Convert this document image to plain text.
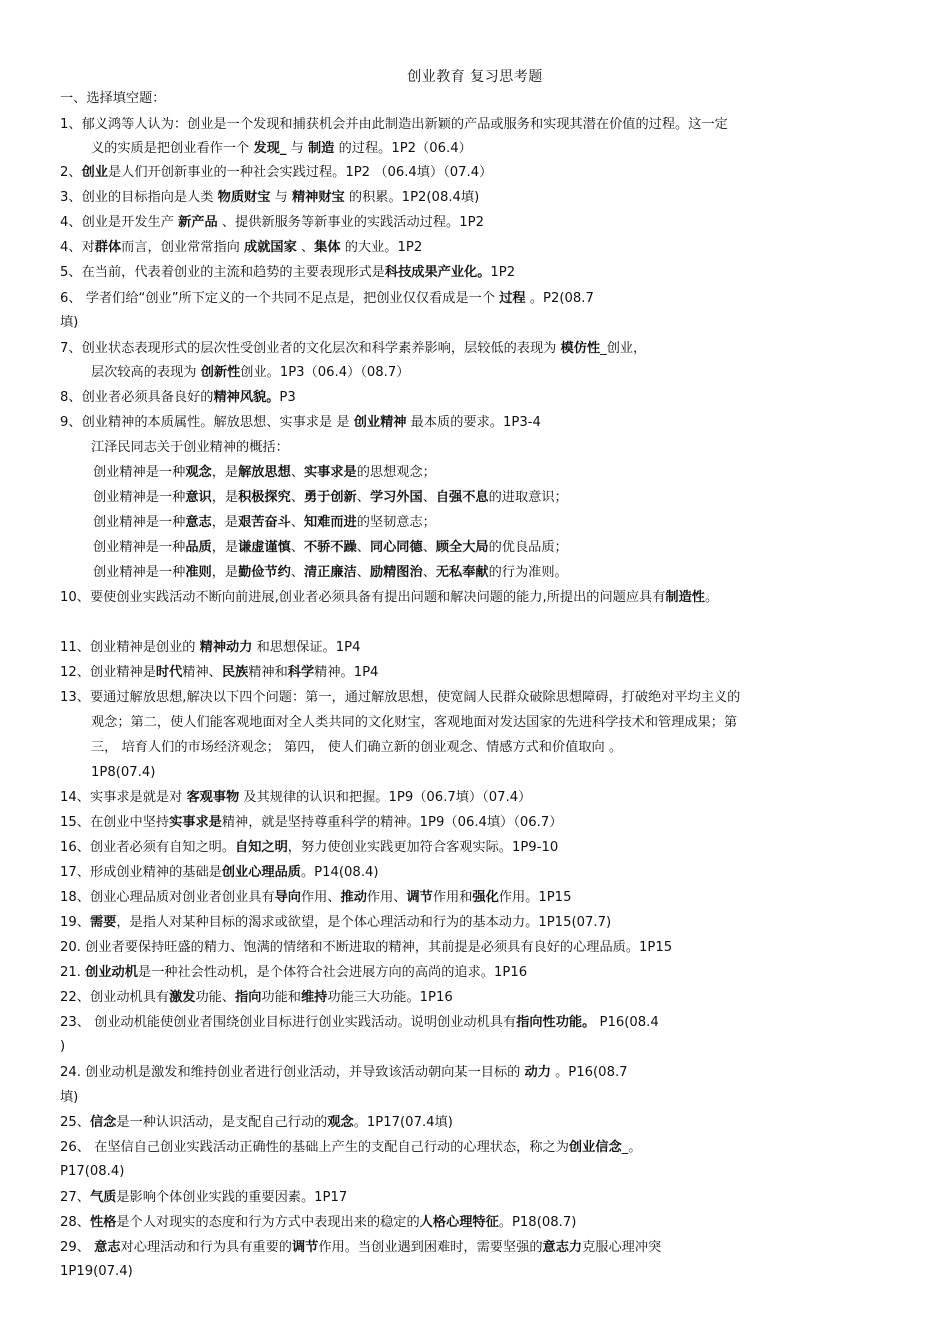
创业教育 复习思考题
一、选择填空题：
1、郁义鸿等人认为：创业是一个发现和捕获机会并由此制造出新颖的产品或服务和实现其潜在价值的过程。这一定
义的实质是把创业看作一个 发现_ 与 制造 的过程。1P2（06.4）
2、创业是人们开创新事业的一种社会实践过程。1P2 （06.4填）（07.4）
3、创业的目标指向是人类 物质财宝 与 精神财宝 的积累。1P2(08.4填)
4、创业是开发生产 新产品 、提供新服务等新事业的实践活动过程。1P2
4、对群体而言，创业常常指向 成就国家 、集体 的大业。1P2
5、在当前，代表着创业的主流和趋势的主要表现形式是科技成果产业化。1P2
6、 学者们给“创业”所下定义的一个共同不足点是，把创业仅仅看成是一个 过程 。P2(08.7
填)
7、创业状态表现形式的层次性受创业者的文化层次和科学素养影响，层较低的表现为 模仿性_创业，
层次较高的表现为 创新性创业。1P3（06.4）（08.7）
8、创业者必须具备良好的精神风貌。P3
9、创业精神的本质属性。解放思想、实事求是 是 创业精神 最本质的要求。1P3-4
江泽民同志关于创业精神的概括：
创业精神是一种观念，是解放思想、实事求是的思想观念；
创业精神是一种意识，是积极探究、勇于创新、学习外国、自强不息的进取意识；
创业精神是一种意志，是艰苦奋斗、知难而进的坚韧意志；
创业精神是一种品质，是谦虚谨慎、不骄不躁、同心同德、顾全大局的优良品质；
创业精神是一种准则，是勤俭节约、清正廉洁、励精图治、无私奉献的行为准则。
10、要使创业实践活动不断向前进展,创业者必须具备有提出问题和解决问题的能力,所提出的问题应具有制造性。
11、创业精神是创业的 精神动力 和思想保证。1P4
12、创业精神是时代精神、民族精神和科学精神。1P4
13、要通过解放思想,解决以下四个问题：第一，通过解放思想，使宽阔人民群众破除思想障碍，打破绝对平均主义的
观念；第二，使人们能客观地面对全人类共同的文化财宝，客观地面对发达国家的先进科学技术和管理成果；第
三， 培育人们的市场经济观念； 第四， 使人们确立新的创业观念、情感方式和价值取向 。
1P8(07.4)
14、实事求是就是对 客观事物 及其规律的认识和把握。1P9（06.7填）（07.4）
15、在创业中坚持实事求是精神，就是坚持尊重科学的精神。1P9（06.4填）（06.7）
16、创业者必须有自知之明。自知之明，努力使创业实践更加符合客观实际。1P9-10
17、形成创业精神的基础是创业心理品质。P14(08.4)
18、创业心理品质对创业者创业具有导向作用、推动作用、调节作用和强化作用。1P15
19、需要，是指人对某种目标的渴求或欲望，是个体心理活动和行为的基本动力。1P15(07.7)
20. 创业者要保持旺盛的精力、饱满的情绪和不断进取的精神，其前提是必须具有良好的心理品质。1P15
21. 创业动机是一种社会性动机，是个体符合社会进展方向的高尚的追求。1P16
22、创业动机具有激发功能、指向功能和维持功能三大功能。1P16
23、 创业动机能使创业者围绕创业目标进行创业实践活动。说明创业动机具有指向性功能。 P16(08.4
)
24. 创业动机是激发和维持创业者进行创业活动，并导致该活动朝向某一目标的 动力 。P16(08.7
填)
25、信念是一种认识活动，是支配自己行动的观念。1P17(07.4填)
26、 在坚信自己创业实践活动正确性的基础上产生的支配自己行动的心理状态，称之为创业信念_。
P17(08.4)
27、气质是影响个体创业实践的重要因素。1P17
28、性格是个人对现实的态度和行为方式中表现出来的稳定的人格心理特征。P18(08.7)
29、 意志对心理活动和行为具有重要的调节作用。当创业遇到困难时，需要坚强的意志力克服心理冲突
1P19(07.4)
